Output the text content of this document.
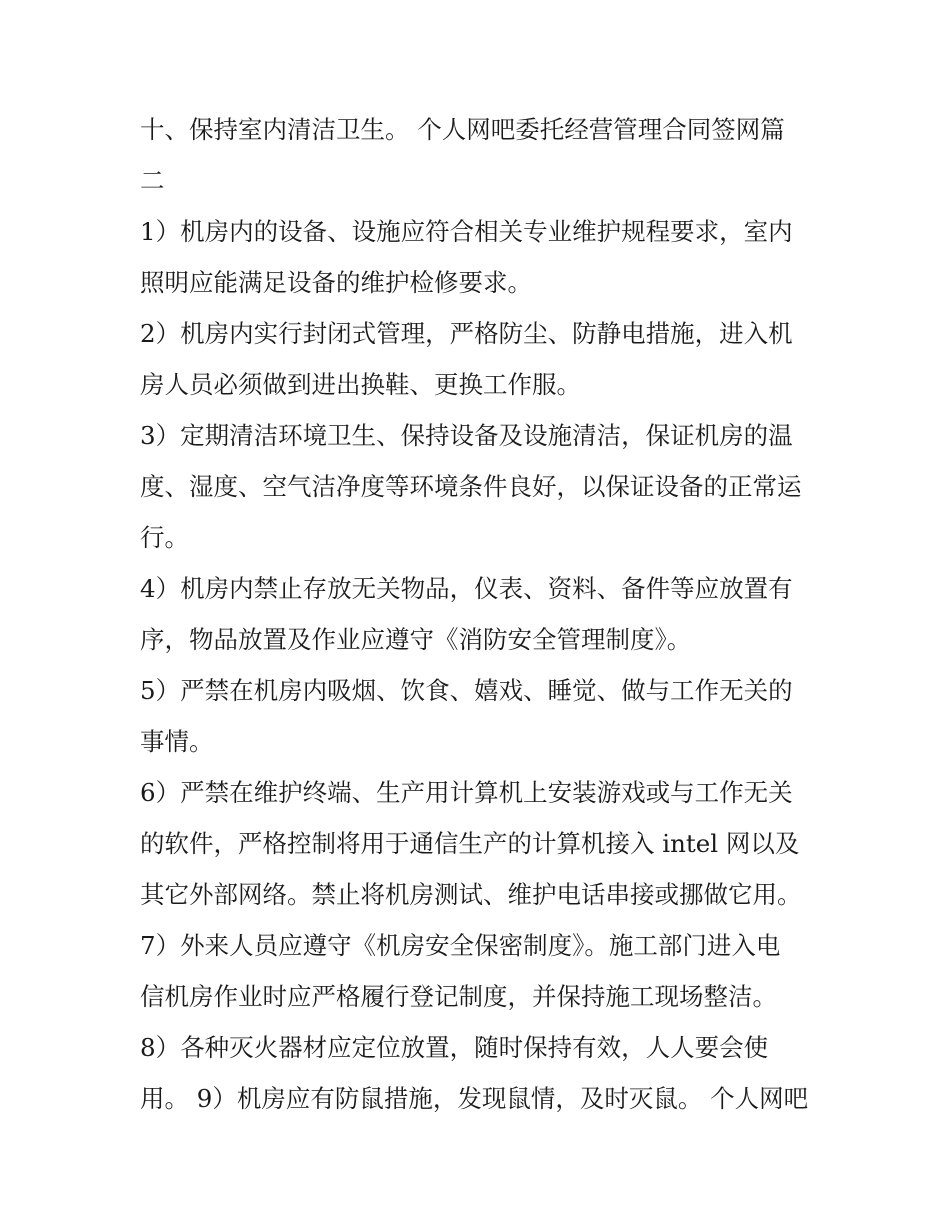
十、保持室内清洁卫生。 个人网吧委托经营管理合同签网篇
二
1）机房内的设备、设施应符合相关专业维护规程要求，室内
照明应能满足设备的维护检修要求。
2）机房内实行封闭式管理，严格防尘、防静电措施，进入机
房人员必须做到进出换鞋、更换工作服。
3）定期清洁环境卫生、保持设备及设施清洁，保证机房的温
度、湿度、空气洁净度等环境条件良好，以保证设备的正常运
行。
4）机房内禁止存放无关物品，仪表、资料、备件等应放置有
序，物品放置及作业应遵守《消防安全管理制度》。
5）严禁在机房内吸烟、饮食、嬉戏、睡觉、做与工作无关的
事情。
6）严禁在维护终端、生产用计算机上安装游戏或与工作无关
的软件，严格控制将用于通信生产的计算机接入 intel 网以及
其它外部网络。禁止将机房测试、维护电话串接或挪做它用。
7）外来人员应遵守《机房安全保密制度》。施工部门进入电
信机房作业时应严格履行登记制度，并保持施工现场整洁。
8）各种灭火器材应定位放置，随时保持有效，人人要会使
用。 9）机房应有防鼠措施，发现鼠情，及时灭鼠。 个人网吧
